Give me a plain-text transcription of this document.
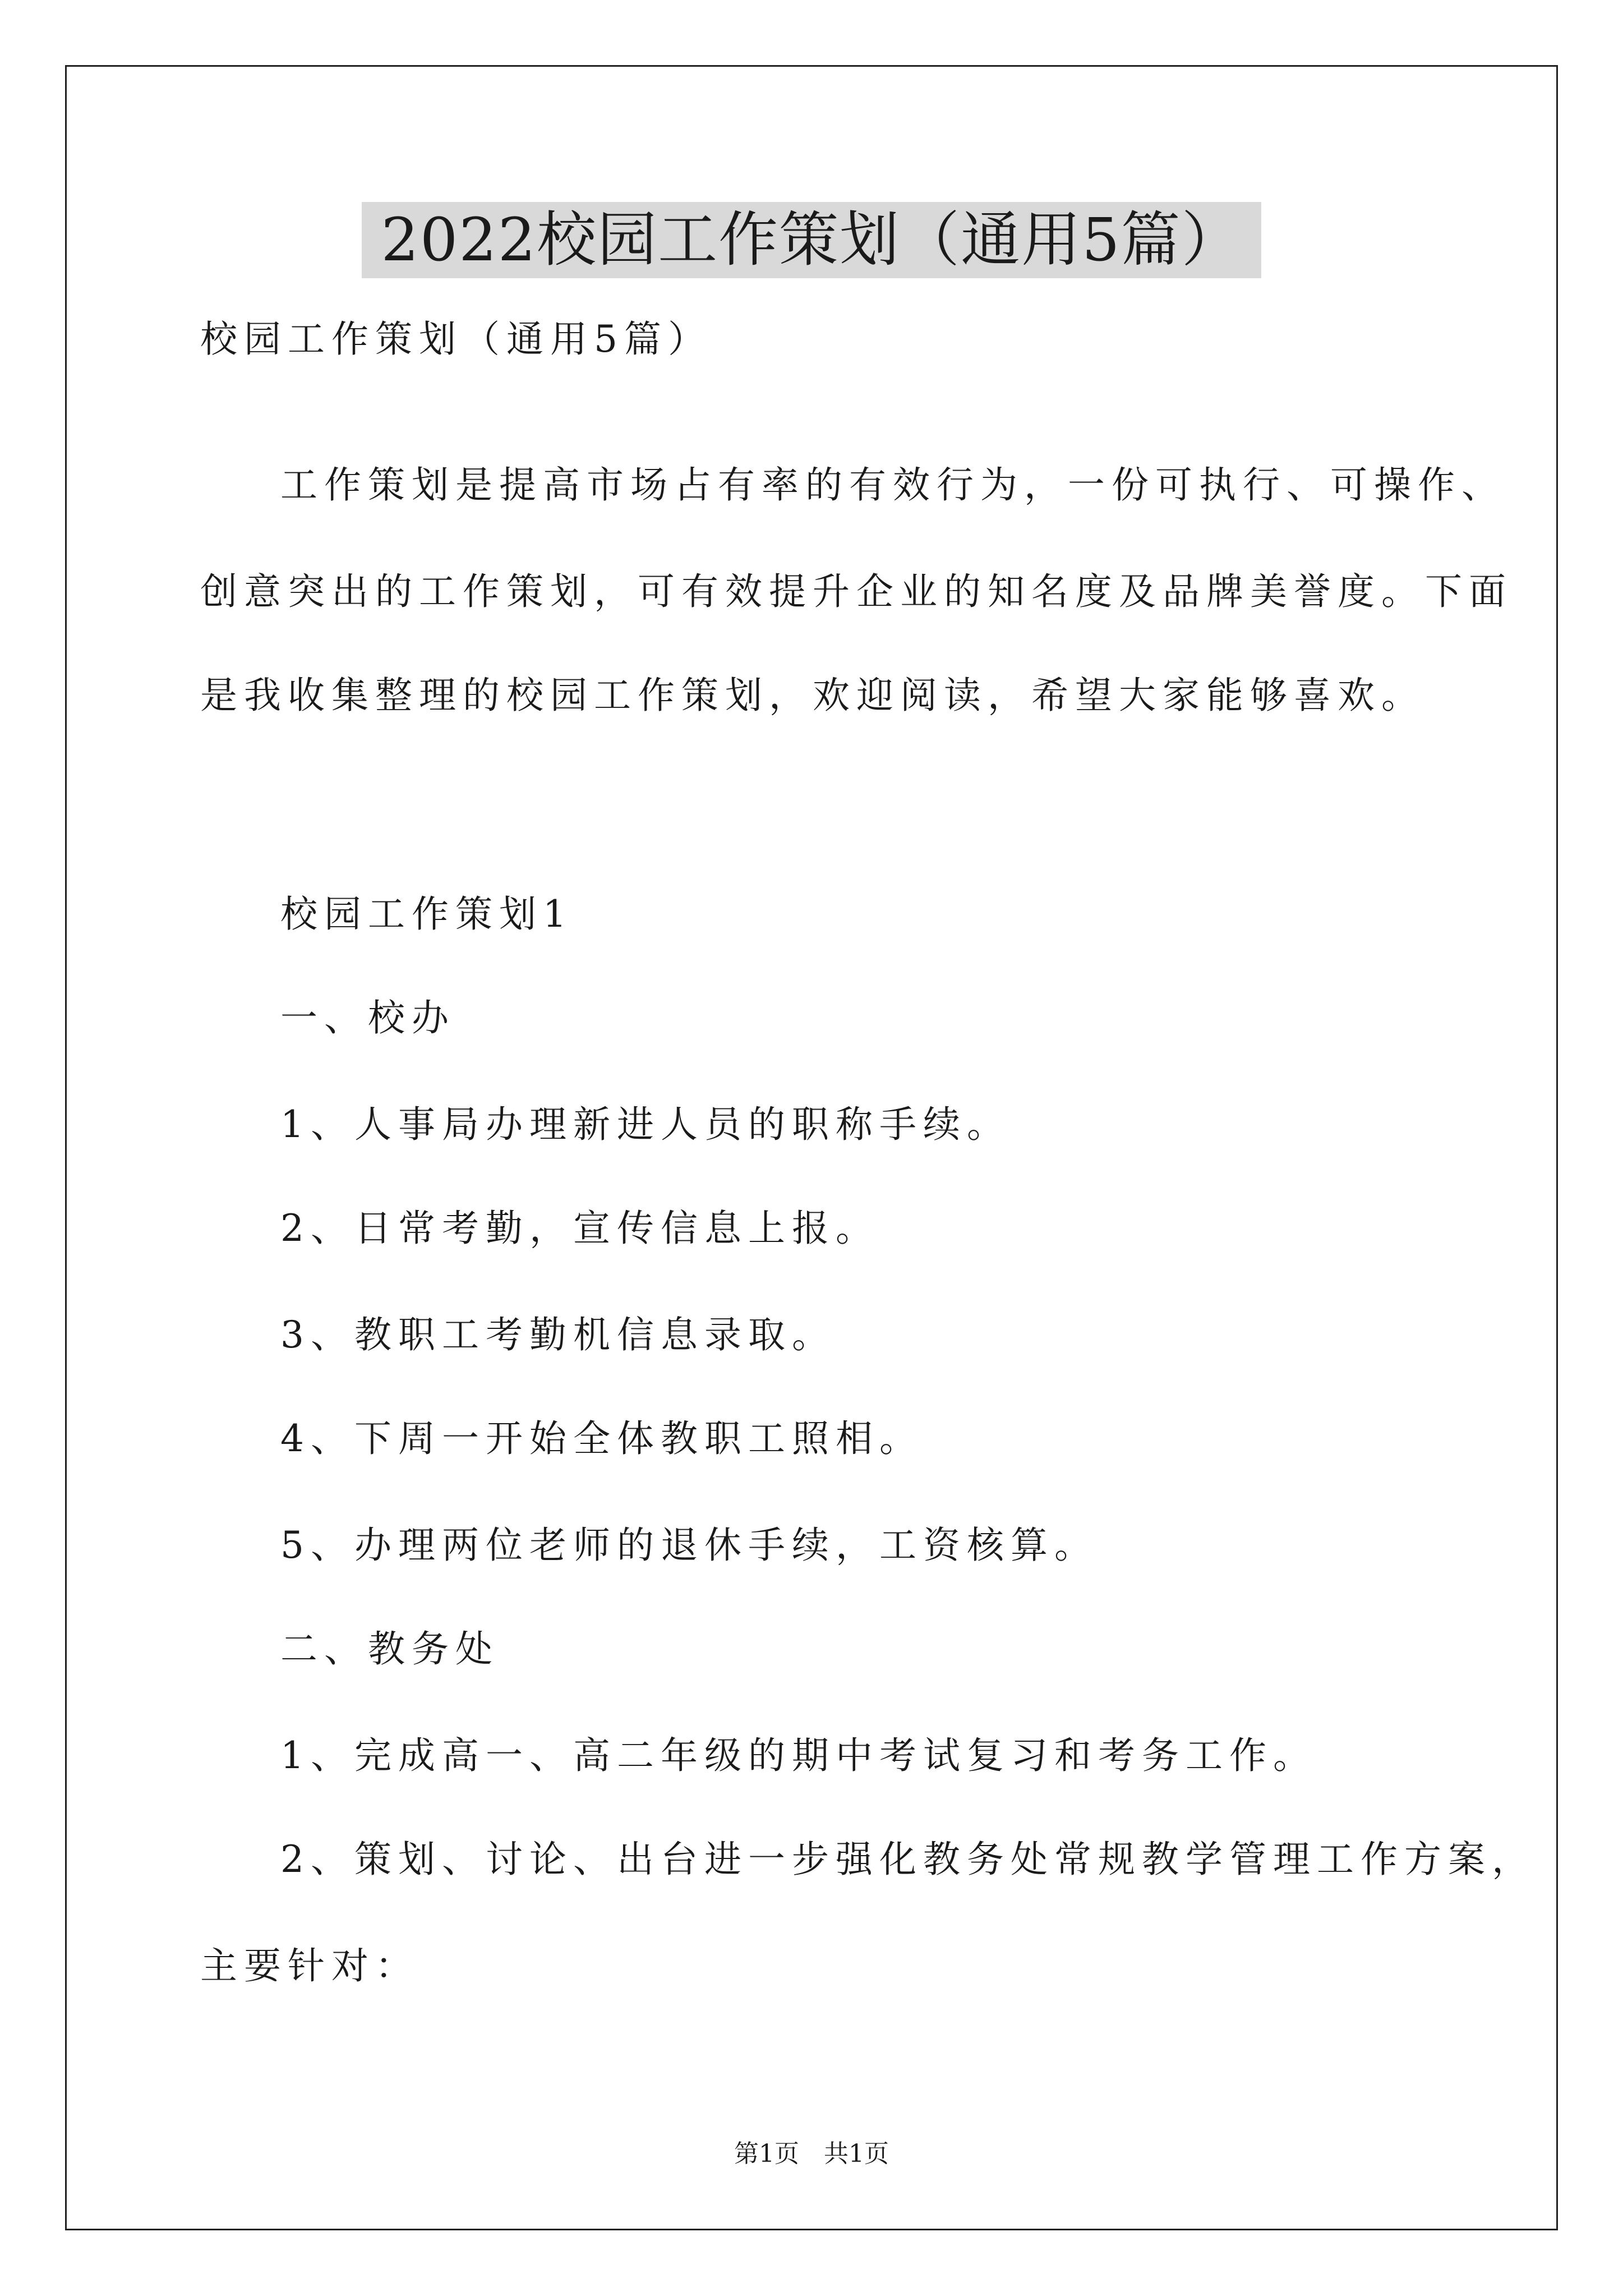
2022校园工作策划（通用5篇）
校园工作策划（通用5篇）
工作策划是提高市场占有率的有效行为，一份可执行、可操作、
创意突出的工作策划，可有效提升企业的知名度及品牌美誉度。下面
是我收集整理的校园工作策划，欢迎阅读，希望大家能够喜欢。
校园工作策划1
一、校办
1、人事局办理新进人员的职称手续。
2、日常考勤，宣传信息上报。
3、教职工考勤机信息录取。
4、下周一开始全体教职工照相。
5、办理两位老师的退休手续，工资核算。
二、教务处
1、完成高一、高二年级的期中考试复习和考务工作。
2、策划、讨论、出台进一步强化教务处常规教学管理工作方案，
主要针对：
第1页　共1页
